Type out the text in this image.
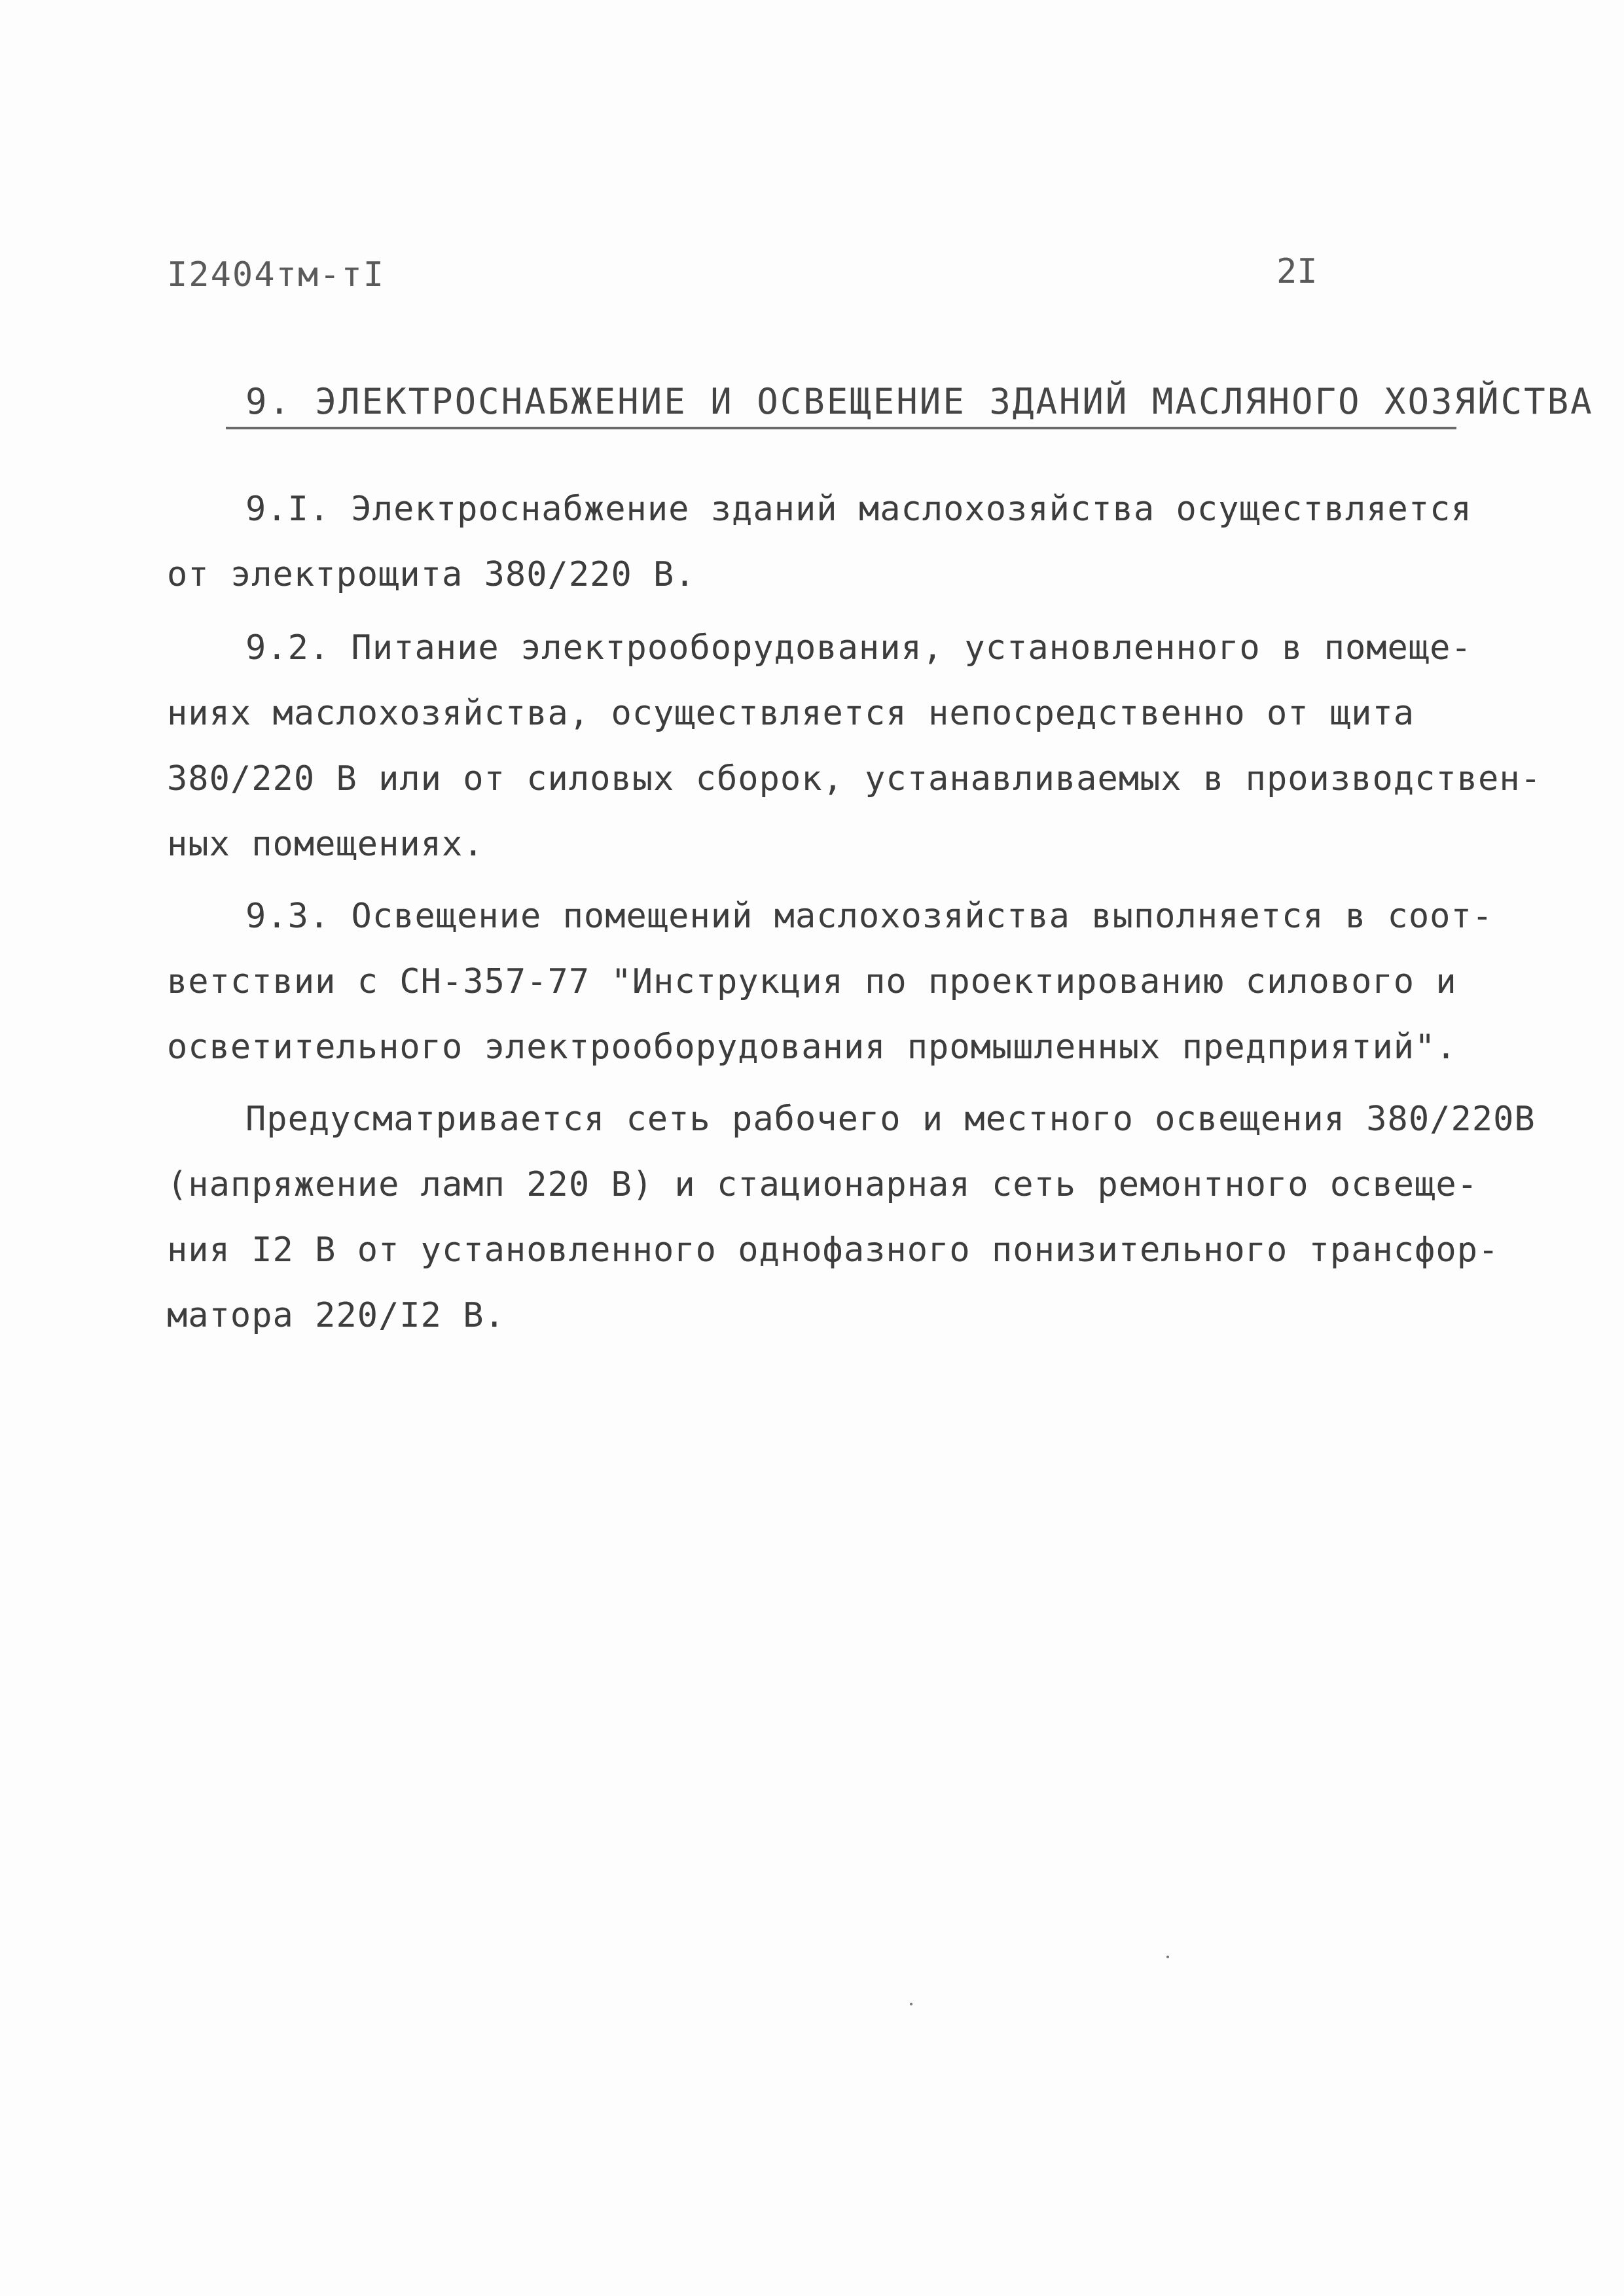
I2404тм-тI	2I
9. ЭЛЕКТРОСНАБЖЕНИЕ И ОСВЕЩЕНИЕ ЗДАНИЙ МАСЛЯНОГО ХОЗЯЙСТВА
9.I. Электроснабжение зданий маслохозяйства осуществляется
от электрощита 380/220 В.
9.2. Питание электрооборудования, установленного в помеще-
ниях маслохозяйства, осуществляется непосредственно от щита
380/220 В или от силовых сборок, устанавливаемых в производствен-
ных помещениях.
9.3. Освещение помещений маслохозяйства выполняется в соот-
ветствии с СН-357-77 "Инструкция по проектированию силового и
осветительного электрооборудования промышленных предприятий".
Предусматривается сеть рабочего и местного освещения 380/220В
(напряжение ламп 220 В) и стационарная сеть ремонтного освеще-
ния I2 В от установленного однофазного понизительного трансфор-
матора 220/I2 В.
